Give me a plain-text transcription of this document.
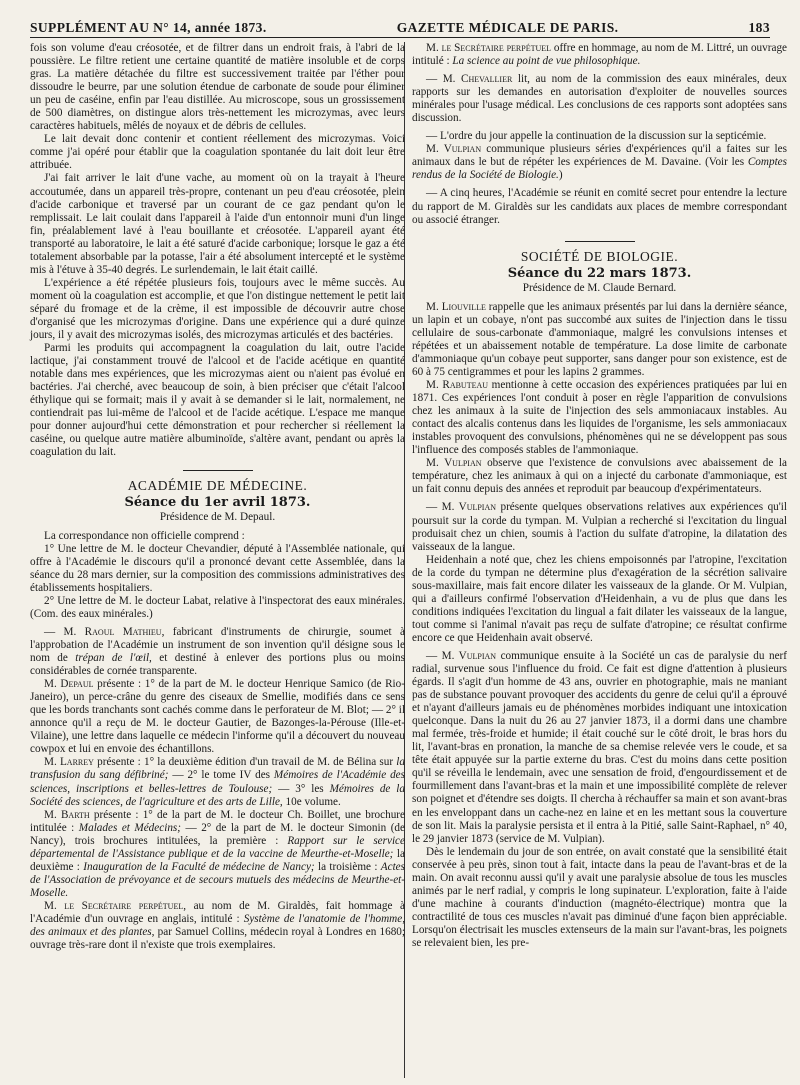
SUPPLÉMENT AU N° 14, année 1873.	GAZETTE MÉDICALE DE PARIS.	183

fois son volume d'eau créosotée, et de filtrer dans un endroit frais, à l'abri de la poussière. Le filtre retient une certaine quantité de matière insoluble et de corps gras. La matière détachée du filtre est successivement traitée par l'éther pour dissoudre le beurre, par une solution étendue de carbonate de soude pour éliminer un peu de caséine, enfin par l'eau distillée. Au microscope, sous un grossissement de 500 diamètres, on distingue alors très-nettement les microzymas, avec leurs caractères habituels, mêlés de noyaux et de débris de cellules.

Le lait devait donc contenir et contient réellement des microzymas. Voici comme j'ai opéré pour établir que la coagulation spontanée du lait doit leur être attribuée.

J'ai fait arriver le lait d'une vache, au moment où on la trayait à l'heure accoutumée, dans un appareil très-propre, contenant un peu d'eau créosotée, plein d'acide carbonique et traversé par un courant de ce gaz pendant qu'on le remplissait. Le lait coulait dans l'appareil à l'aide d'un entonnoir muni d'un linge fin, préalablement lavé à l'eau bouillante et créosotée. L'appareil ayant été transporté au laboratoire, le lait a été saturé d'acide carbonique; lorsque le gaz a été totalement absorbable par la potasse, l'air a été absolument intercepté et le système mis à l'étuve à 35-40 degrés. Le surlendemain, le lait était caillé.

L'expérience a été répétée plusieurs fois, toujours avec le même succès. Au moment où la coagulation est accomplie, et que l'on distingue nettement le petit lait séparé du fromage et de la crème, il est impossible de découvrir autre chose d'organisé que les microzymas d'origine. Dans une expérience qui a duré quinze jours, il y avait des microzymas isolés, des microzymas articulés et des bactéries.

Parmi les produits qui accompagnent la coagulation du lait, outre l'acide lactique, j'ai constamment trouvé de l'alcool et de l'acide acétique en quantité notable dans mes expériences, que les microzymas aient ou n'aient pas évolué en bactéries. J'ai cherché, avec beaucoup de soin, à bien préciser que c'était l'alcool éthylique qui se formait; mais il y avait à se demander si le lait, normalement, ne contiendrait pas lui-même de l'alcool et de l'acide acétique. L'espace me manque pour donner aujourd'hui cette démonstration et pour rechercher si réellement la caséine, ou quelque autre matière albuminoïde, s'altère avant, pendant ou après la coagulation du lait.

ACADÉMIE DE MÉDECINE.
Séance du 1er avril 1873.
Présidence de M. Depaul.

La correspondance non officielle comprend :

1° Une lettre de M. le docteur Chevandier, député à l'Assemblée nationale, qui offre à l'Académie le discours qu'il a prononcé devant cette Assemblée, dans la séance du 28 mars dernier, sur la composition des commissions administratives des établissements hospitaliers.

2° Une lettre de M. le docteur Labat, relative à l'inspectorat des eaux minérales. (Com. des eaux minérales.)

— M. Raoul Mathieu, fabricant d'instruments de chirurgie, soumet à l'approbation de l'Académie un instrument de son invention qu'il désigne sous le nom de trépan de l'œil, et destiné à enlever des portions plus ou moins considérables de cornée transparente.

M. Depaul présente : 1° de la part de M. le docteur Henrique Samico (de Rio-Janeiro), un perce-crâne du genre des ciseaux de Smellie, modifiés dans ce sens que les bords tranchants sont cachés comme dans le perforateur de M. Blot; — 2° il annonce qu'il a reçu de M. le docteur Gautier, de Bazonges-la-Pérouse (Ille-et-Vilaine), une lettre dans laquelle ce médecin l'informe qu'il a découvert du nouveau cowpox et lui en envoie des échantillons.

M. Larrey présente : 1° la deuxième édition d'un travail de M. de Bélina sur la transfusion du sang défibriné; — 2° le tome IV des Mémoires de l'Académie des sciences, inscriptions et belles-lettres de Toulouse; — 3° les Mémoires de la Société des sciences, de l'agriculture et des arts de Lille, 10e volume.

M. Barth présente : 1° de la part de M. le docteur Ch. Boillet, une brochure intitulée : Malades et Médecins; — 2° de la part de M. le docteur Simonin (de Nancy), trois brochures intitulées, la première : Rapport sur le service départemental de l'Assistance publique et de la vaccine de Meurthe-et-Moselle; la deuxième : Inauguration de la Faculté de médecine de Nancy; la troisième : Actes de l'Association de prévoyance et de secours mutuels des médecins de Meurthe-et-Moselle.

M. le Secrétaire perpétuel, au nom de M. Giraldès, fait hommage à l'Académie d'un ouvrage en anglais, intitulé : Système de l'anatomie de l'homme, des animaux et des plantes, par Samuel Collins, médecin royal à Londres en 1680; ouvrage très-rare dont il n'existe que trois exemplaires.

M. le Secrétaire perpétuel offre en hommage, au nom de M. Littré, un ouvrage intitulé : La science au point de vue philosophique.

— M. Chevallier lit, au nom de la commission des eaux minérales, deux rapports sur les demandes en autorisation d'exploiter de nouvelles sources minérales pour l'usage médical. Les conclusions de ces rapports sont adoptées sans discussion.

— L'ordre du jour appelle la continuation de la discussion sur la septicémie.

M. Vulpian communique plusieurs séries d'expériences qu'il a faites sur les animaux dans le but de répéter les expériences de M. Davaine. (Voir les Comptes rendus de la Société de Biologie.)

— A cinq heures, l'Académie se réunit en comité secret pour entendre la lecture du rapport de M. Giraldès sur les candidats aux places de membre correspondant ou associé étranger.

SOCIÉTÉ DE BIOLOGIE.
Séance du 22 mars 1873.
Présidence de M. Claude Bernard.

M. Liouville rappelle que les animaux présentés par lui dans la dernière séance, un lapin et un cobaye, n'ont pas succombé aux suites de l'injection dans le tissu cellulaire de sous-carbonate d'ammoniaque, malgré les convulsions intenses et répétées et un abaissement notable de température. La dose limite de carbonate d'ammoniaque qu'un cobaye peut supporter, sans danger pour son existence, est de 60 à 75 centigrammes et pour les lapins 2 grammes.

M. Rabuteau mentionne à cette occasion des expériences pratiquées par lui en 1871. Ces expériences l'ont conduit à poser en règle l'apparition de convulsions chez les animaux à la suite de l'injection des sels ammoniacaux instables. Au contact des alcalis contenus dans les liquides de l'organisme, les sels ammoniacaux instables provoquent des convulsions, phénomènes qui ne se développent pas sous l'influence des composés stables de l'ammoniaque.

M. Vulpian observe que l'existence de convulsions avec abaissement de la température, chez les animaux à qui on a injecté du carbonate d'ammoniaque, est un fait connu depuis des années et reproduit par beaucoup d'expérimentateurs.

— M. Vulpian présente quelques observations relatives aux expériences qu'il poursuit sur la corde du tympan. M. Vulpian a recherché si l'excitation du lingual produisait chez un chien, soumis à l'action du sulfate d'atropine, la dilatation des vaisseaux de la langue.

Heidenhain a noté que, chez les chiens empoisonnés par l'atropine, l'excitation de la corde du tympan ne détermine plus d'exagération de la sécrétion salivaire sous-maxillaire, mais fait encore dilater les vaisseaux de la glande. Or M. Vulpian, qui a d'ailleurs confirmé l'observation d'Heidenhain, a vu de plus que dans les conditions indiquées l'excitation du lingual a fait dilater les vaisseaux de la langue, tout comme si l'animal n'avait pas reçu de sulfate d'atropine; ce résultat confirme encore ce que Heidenhain avait observé.

— M. Vulpian communique ensuite à la Société un cas de paralysie du nerf radial, survenue sous l'influence du froid. Ce fait est digne d'attention à plusieurs égards. Il s'agit d'un homme de 43 ans, ouvrier en photographie, mais ne maniant pas de substance pouvant provoquer des accidents du genre de celui qu'il a éprouvé et n'ayant d'ailleurs jamais eu de phénomènes morbides indiquant une intoxication quelconque. Dans la nuit du 26 au 27 janvier 1873, il a dormi dans une chambre mal fermée, très-froide et humide; il était couché sur le côté droit, le bras hors du lit, l'avant-bras en pronation, la manche de sa chemise relevée vers le coude, et sa tête était appuyée sur la partie externe du bras. C'est du moins dans cette position qu'il se réveilla le lendemain, avec une sensation de froid, d'engourdissement et de fourmillement dans l'avant-bras et la main et une impossibilité complète de relever son poignet et d'étendre ses doigts. Il chercha à réchauffer sa main et son avant-bras en les enveloppant dans un cache-nez en laine et en les mettant sous la couverture de son lit. Mais la paralysie persista et il entra à la Pitié, salle Saint-Raphael, n° 40, le 29 janvier 1873 (service de M. Vulpian).

Dès le lendemain du jour de son entrée, on avait constaté que la sensibilité était conservée à peu près, sinon tout à fait, intacte dans la peau de l'avant-bras et de la main. On avait reconnu aussi qu'il y avait une paralysie absolue de tous les muscles animés par le nerf radial, y compris le long supinateur. L'exploration, faite à l'aide d'une machine à courants d'induction (magnéto-électrique) montra que la contractilité de tous ces muscles n'avait pas diminué d'une façon bien appréciable. Lorsqu'on électrisait les muscles extenseurs de la main sur l'avant-bras, les poignets se relevaient bien, les pre-
